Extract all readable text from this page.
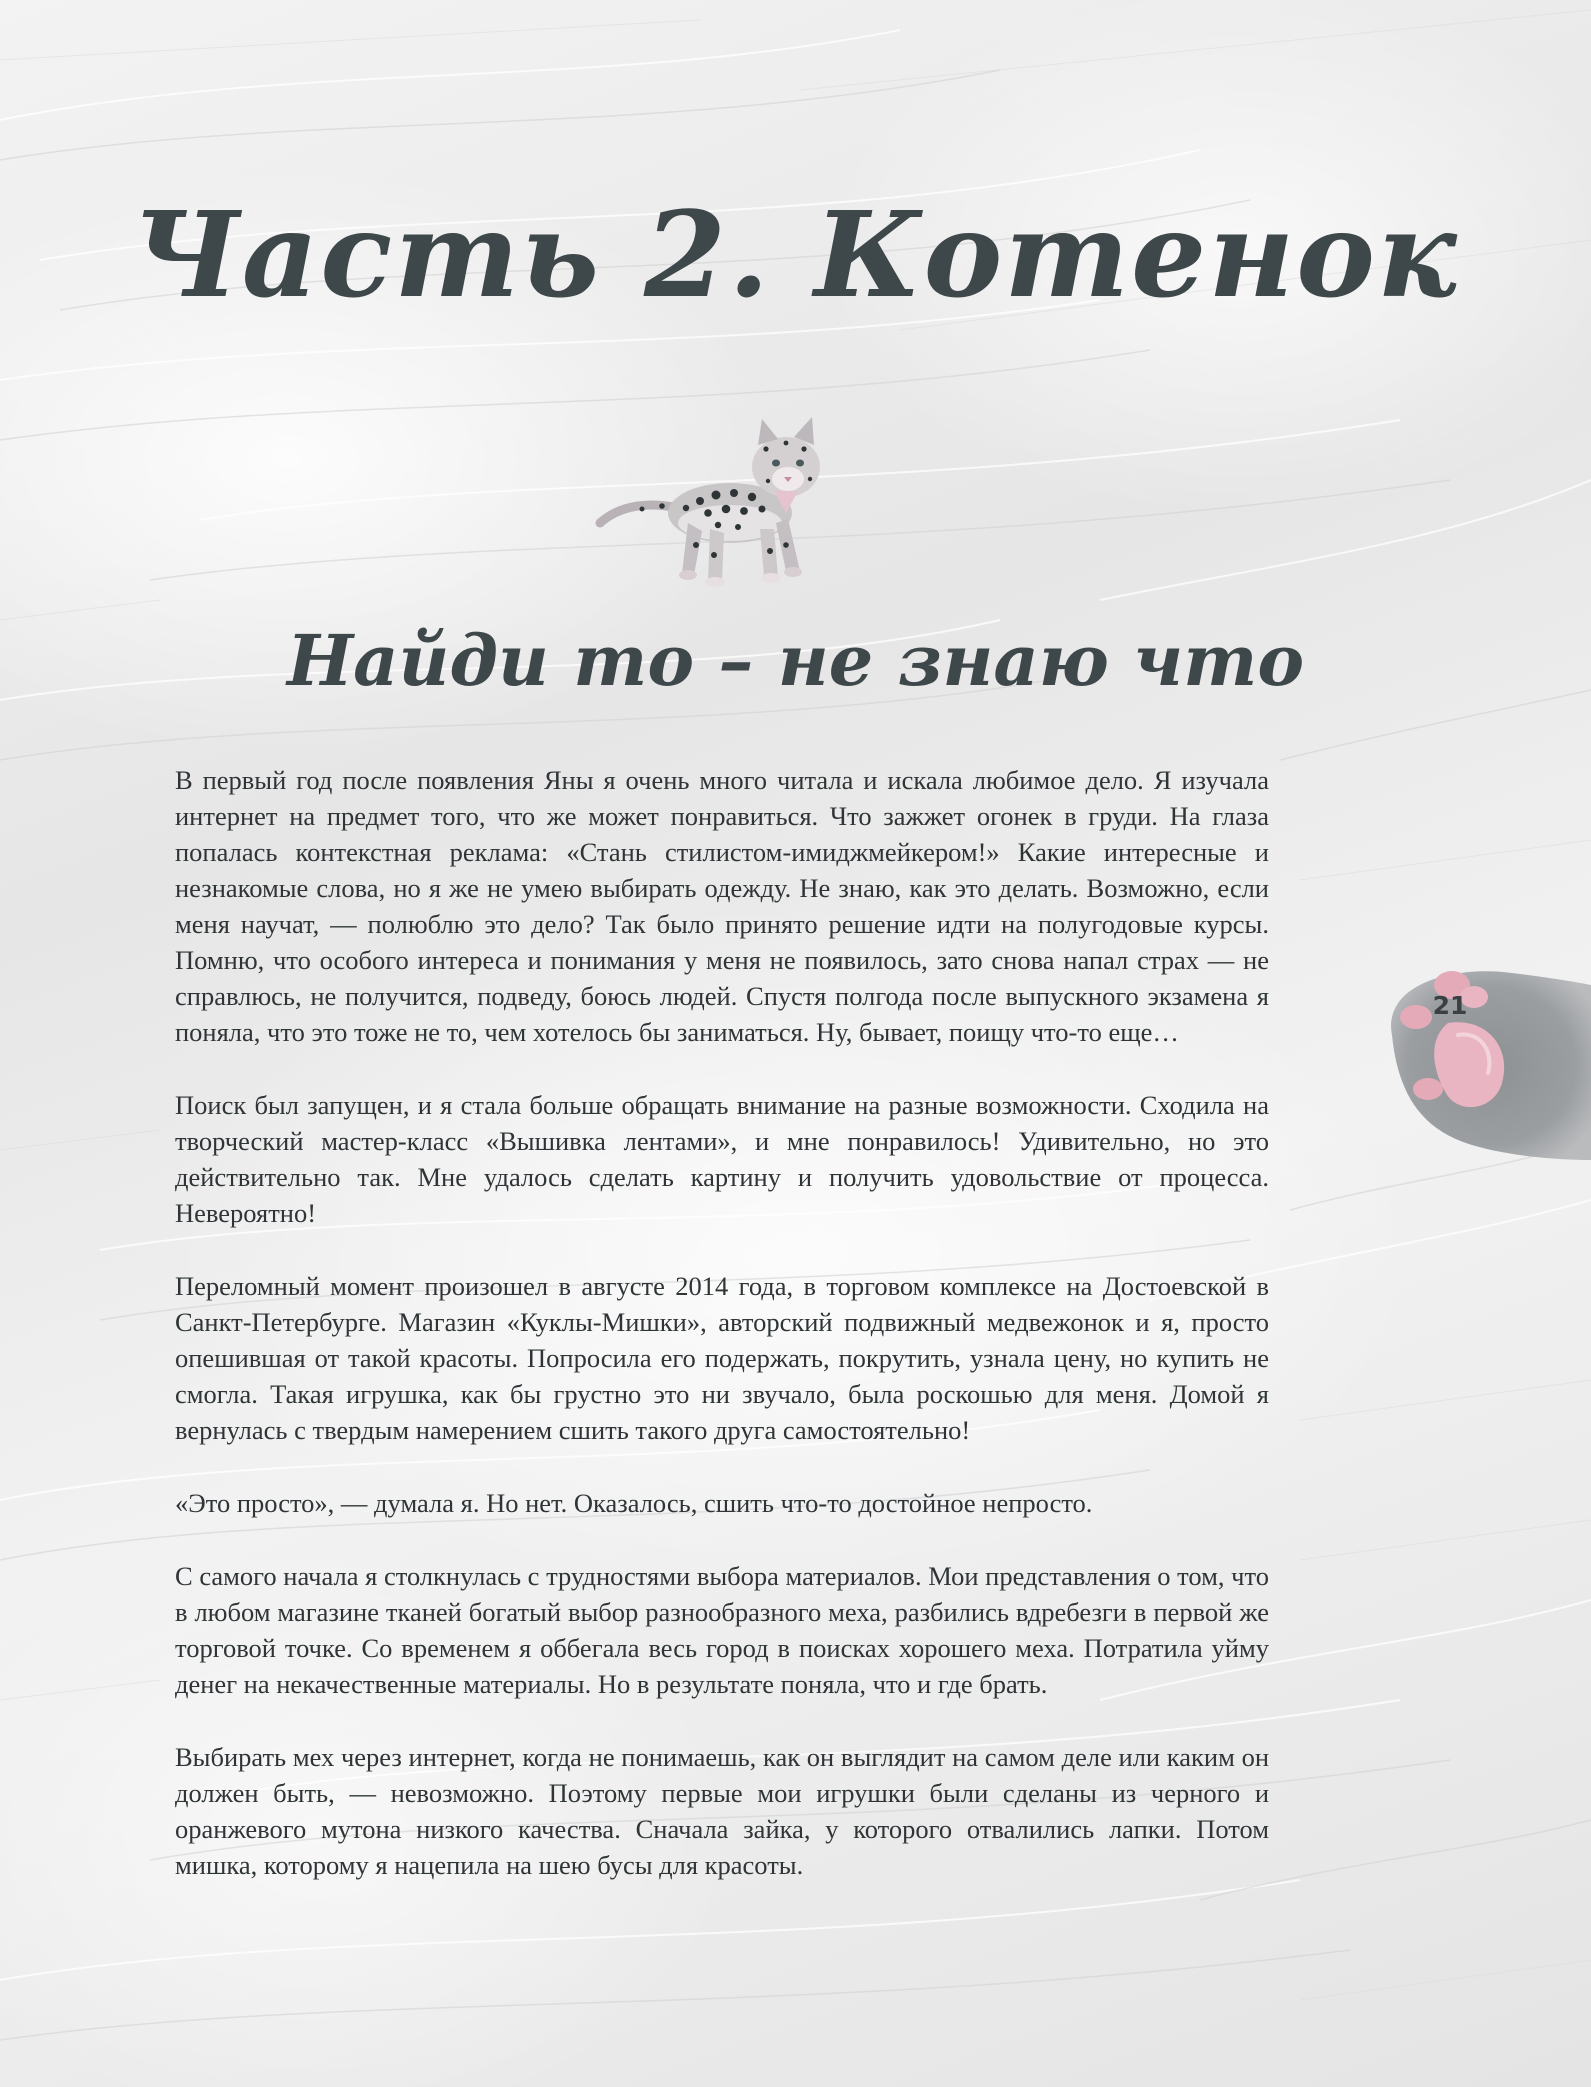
Часть 2. Котенок
Найди то – не знаю что

В первый год после появления Яны я очень много читала и искала любимое дело. Я изучала интернет на предмет того, что же может понравиться. Что зажжет огонек в груди. На глаза попалась контекстная реклама: «Стань стилистом-имиджмейкером!» Какие интересные и незнакомые слова, но я же не умею выбирать одежду. Не знаю, как это делать. Возможно, если меня научат, — полюблю это дело? Так было принято решение идти на полугодовые курсы. Помню, что особого интереса и понимания у меня не появилось, зато снова напал страх — не справлюсь, не получится, подведу, боюсь людей. Спустя полгода после выпускного экзамена я поняла, что это тоже не то, чем хотелось бы заниматься. Ну, бывает, поищу что-то еще…

Поиск был запущен, и я стала больше обращать внимание на разные возможности. Сходила на творческий мастер-класс «Вышивка лентами», и мне понравилось! Удивительно, но это действительно так. Мне удалось сделать картину и получить удовольствие от процесса. Невероятно!

Переломный момент произошел в августе 2014 года, в торговом комплексе на Достоевской в Санкт-Петербурге. Магазин «Куклы-Мишки», авторский подвижный медвежонок и я, просто опешившая от такой красоты. Попросила его подержать, покрутить, узнала цену, но купить не смогла. Такая игрушка, как бы грустно это ни звучало, была роскошью для меня. Домой я вернулась с твердым намерением сшить такого друга самостоятельно!

«Это просто», — думала я. Но нет. Оказалось, сшить что-то достойное непросто.

С самого начала я столкнулась с трудностями выбора материалов. Мои представления о том, что в любом магазине тканей богатый выбор разнообразного меха, разбились вдребезги в первой же торговой точке. Со временем я оббегала весь город в поисках хорошего меха. Потратила уйму денег на некачественные материалы. Но в результате поняла, что и где брать.

Выбирать мех через интернет, когда не понимаешь, как он выглядит на самом деле или каким он должен быть, — невозможно. Поэтому первые мои игрушки были сделаны из черного и оранжевого мутона низкого качества. Сначала зайка, у которого отвалились лапки. Потом мишка, которому я нацепила на шею бусы для красоты.

21
